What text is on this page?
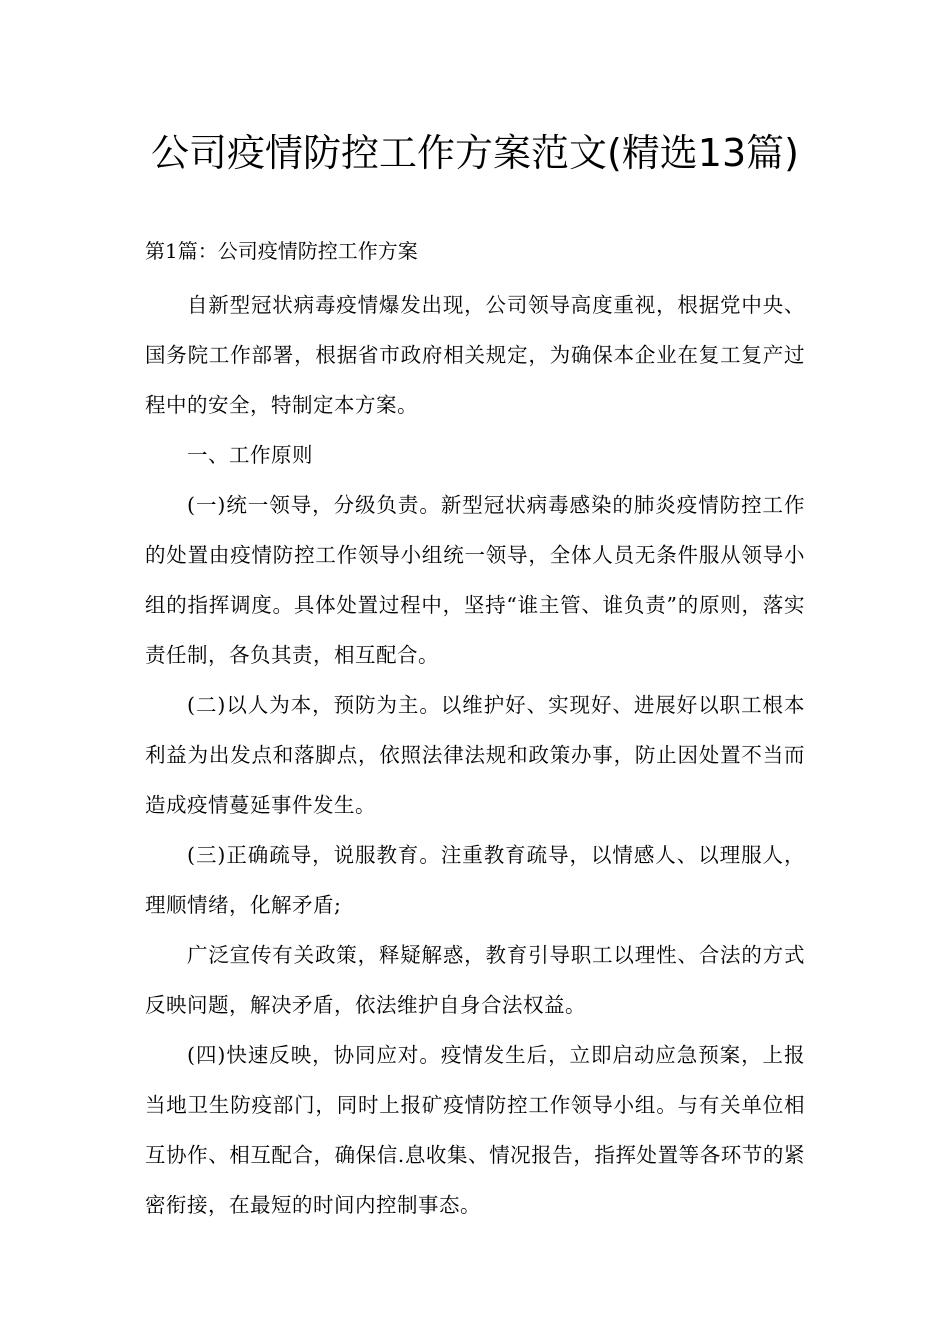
公司疫情防控工作方案范文(精选13篇)
第1篇：公司疫情防控工作方案

自新型冠状病毒疫情爆发出现，公司领导高度重视，根据党中央、国务院工作部署，根据省市政府相关规定，为确保本企业在复工复产过程中的安全，特制定本方案。

一、工作原则

(一)统一领导，分级负责。新型冠状病毒感染的肺炎疫情防控工作的处置由疫情防控工作领导小组统一领导，全体人员无条件服从领导小组的指挥调度。具体处置过程中，坚持“谁主管、谁负责”的原则，落实责任制，各负其责，相互配合。

(二)以人为本，预防为主。以维护好、实现好、进展好以职工根本利益为出发点和落脚点，依照法律法规和政策办事，防止因处置不当而造成疫情蔓延事件发生。

(三)正确疏导，说服教育。注重教育疏导，以情感人、以理服人，理顺情绪，化解矛盾;

广泛宣传有关政策，释疑解惑，教育引导职工以理性、合法的方式反映问题，解决矛盾，依法维护自身合法权益。

(四)快速反映，协同应对。疫情发生后，立即启动应急预案，上报当地卫生防疫部门，同时上报矿疫情防控工作领导小组。与有关单位相互协作、相互配合，确保信.息收集、情况报告，指挥处置等各环节的紧密衔接，在最短的时间内控制事态。
